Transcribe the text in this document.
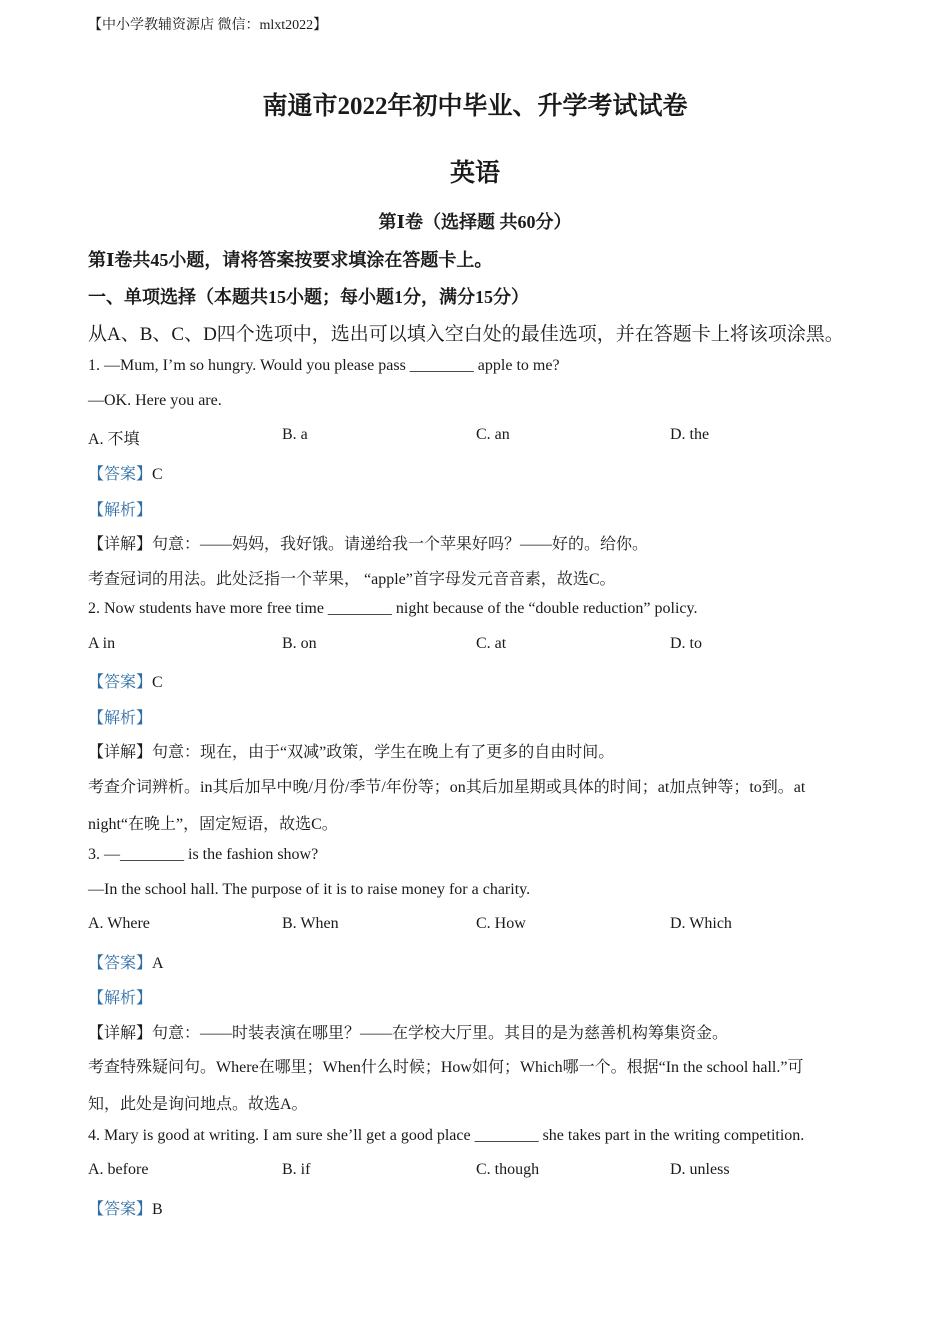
【中小学教辅资源店 微信：mlxt2022】
南通市2022年初中毕业、升学考试试卷
英语
第Ⅰ卷（选择题 共60分）
第Ⅰ卷共45小题，请将答案按要求填涂在答题卡上。
一、单项选择（本题共15小题；每小题1分，满分15分）
从A、B、C、D四个选项中，选出可以填入空白处的最佳选项，并在答题卡上将该项涂黑。
1. —Mum, I’m so hungry. Would you please pass ________ apple to me?
—OK. Here you are.
A. 不填	B. a	C. an	D. the
【答案】C
【解析】
【详解】句意：——妈妈，我好饿。请递给我一个苹果好吗？——好的。给你。
考查冠词的用法。此处泛指一个苹果， “apple”首字母发元音音素，故选C。
2. Now students have more free time ________ night because of the “double reduction” policy.
A in	B. on	C. at	D. to
【答案】C
【解析】
【详解】句意：现在，由于“双减”政策，学生在晚上有了更多的自由时间。
考查介词辨析。in其后加早中晚/月份/季节/年份等；on其后加星期或具体的时间；at加点钟等；to到。at
night“在晚上”，固定短语，故选C。
3. —________ is the fashion show?
—In the school hall. The purpose of it is to raise money for a charity.
A. Where	B. When	C. How	D. Which
【答案】A
【解析】
【详解】句意：——时装表演在哪里？——在学校大厅里。其目的是为慈善机构筹集资金。
考查特殊疑问句。Where在哪里；When什么时候；How如何；Which哪一个。根据“In the school hall.”可
知，此处是询问地点。故选A。
4. Mary is good at writing. I am sure she’ll get a good place ________ she takes part in the writing competition.
A. before	B. if	C. though	D. unless
【答案】B
